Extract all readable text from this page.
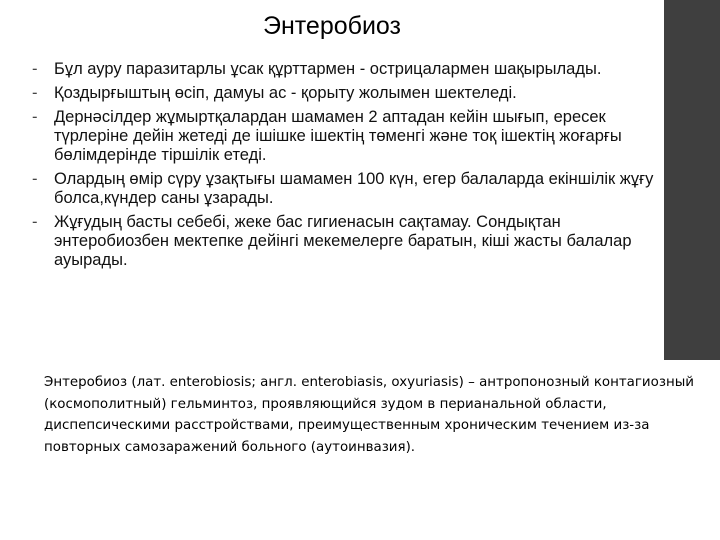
Энтеробиоз
- Бұл ауру паразитарлы ұсак құрттармен - острицалармен шақырылады.
- Қоздырғыштың өсіп, дамуы ас - қорыту жолымен шектеледі.
- Дернәсілдер жұмыртқалардан шамамен 2 аптадан кейін шығып, ересек түрлеріне дейін жетеді де ішішке ішектің төменгі және тоқ ішектің жоғарғы бөлімдерінде тіршілік етеді.
- Олардың өмір сүру ұзақтығы шамамен 100 күн, егер балаларда екіншілік жұғу болса,күндер саны ұзарады.
- Жұғудың басты себебі, жеке бас гигиенасын сақтамау. Сондықтан энтеробиозбен мектепке дейінгі мекемелерге баратын, кіші жасты балалар ауырады.
Энтеробиоз (лат. enterobiosis; англ. enterobiasis, oxyuriasis) – антропонозный контагиозный (космополитный) гельминтоз, проявляющийся зудом в перианальной области, диспепсическими расстройствами, преимущественным хроническим течением из-за повторных самозаражений больного (аутоинвазия).
